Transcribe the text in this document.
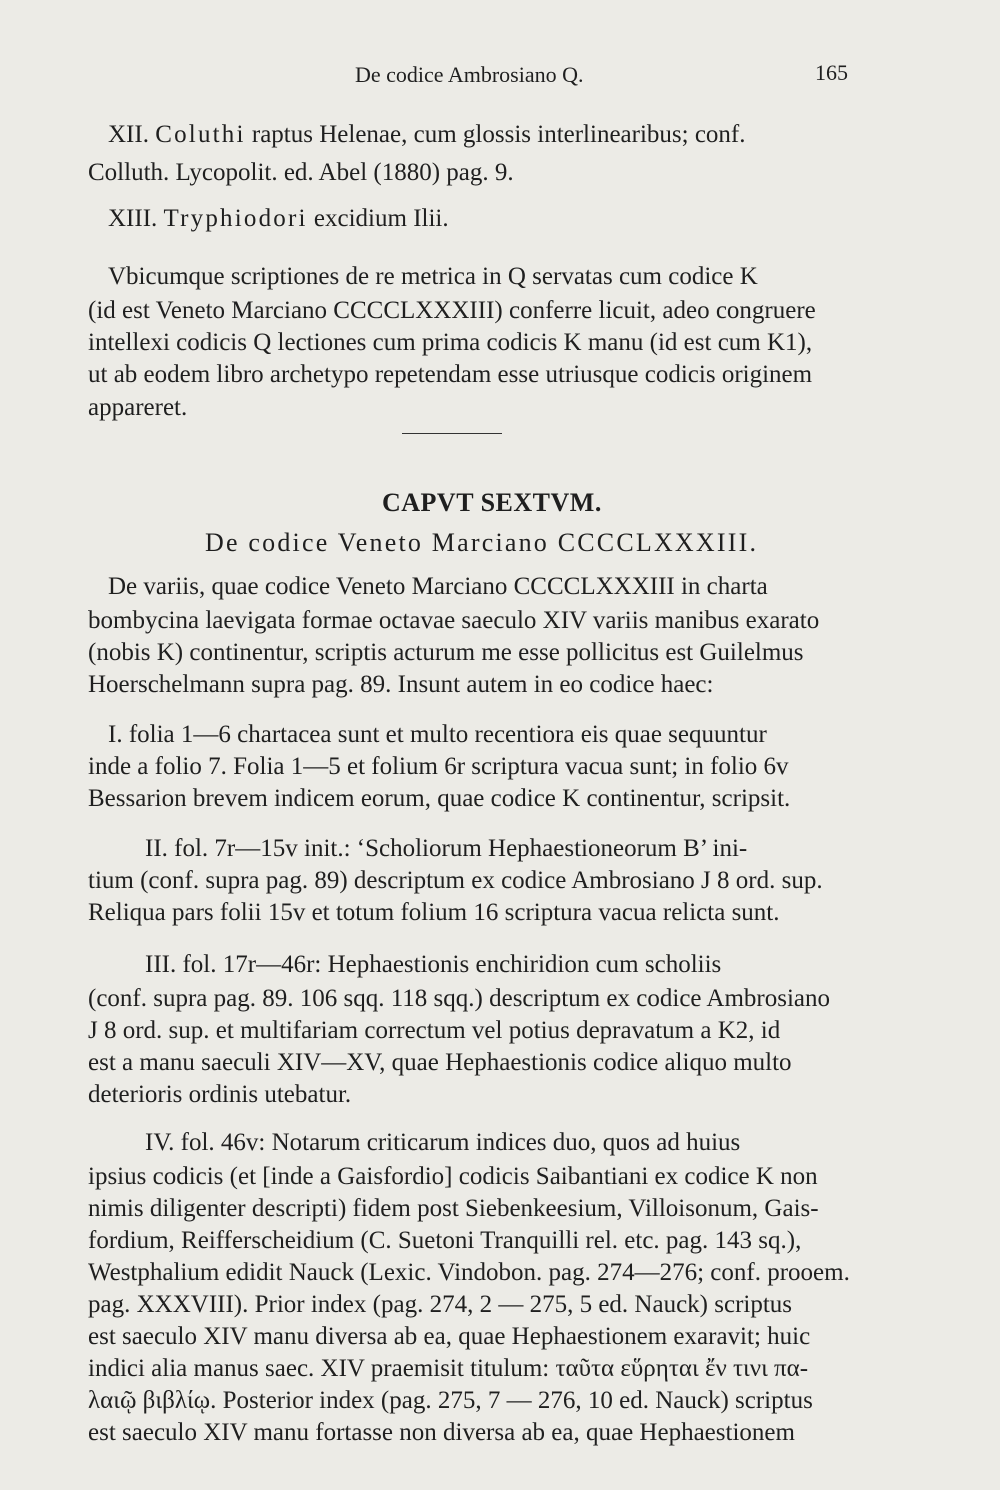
De codice Ambrosiano Q.	165
XII. Coluthi raptus Helenae, cum glossis interlinearibus; conf.
Colluth. Lycopolit. ed. Abel (1880) pag. 9.
XIII. Tryphiodori excidium Ilii.
Vbicumque scriptiones de re metrica in Q servatas cum codice K
(id est Veneto Marciano CCCCLXXXIII) conferre licuit, adeo congruere
intellexi codicis Q lectiones cum prima codicis K manu (id est cum K1),
ut ab eodem libro archetypo repetendam esse utriusque codicis originem
appareret.
CAPVT SEXTVM.
De codice Veneto Marciano CCCCLXXXIII.
De variis, quae codice Veneto Marciano CCCCLXXXIII in charta
bombycina laevigata formae octavae saeculo XIV variis manibus exarato
(nobis K) continentur, scriptis acturum me esse pollicitus est Guilelmus
Hoerschelmann supra pag. 89. Insunt autem in eo codice haec:
I. folia 1—6 chartacea sunt et multo recentiora eis quae sequuntur
inde a folio 7. Folia 1—5 et folium 6r scriptura vacua sunt; in folio 6v
Bessarion brevem indicem eorum, quae codice K continentur, scripsit.
II. fol. 7r—15v init.: ‘Scholiorum Hephaestioneorum B’ ini-
tium (conf. supra pag. 89) descriptum ex codice Ambrosiano J 8 ord. sup.
Reliqua pars folii 15v et totum folium 16 scriptura vacua relicta sunt.
III. fol. 17r—46r: Hephaestionis enchiridion cum scholiis
(conf. supra pag. 89. 106 sqq. 118 sqq.) descriptum ex codice Ambrosiano
J 8 ord. sup. et multifariam correctum vel potius depravatum a K2, id
est a manu saeculi XIV—XV, quae Hephaestionis codice aliquo multo
deterioris ordinis utebatur.
IV. fol. 46v: Notarum criticarum indices duo, quos ad huius
ipsius codicis (et [inde a Gaisfordio] codicis Saibantiani ex codice K non
nimis diligenter descripti) fidem post Siebenkeesium, Villoisonum, Gais-
fordium, Reifferscheidium (C. Suetoni Tranquilli rel. etc. pag. 143 sq.),
Westphalium edidit Nauck (Lexic. Vindobon. pag. 274—276; conf. prooem.
pag. XXXVIII). Prior index (pag. 274, 2 — 275, 5 ed. Nauck) scriptus
est saeculo XIV manu diversa ab ea, quae Hephaestionem exaravit; huic
indici alia manus saec. XIV praemisit titulum: ταῦτα εὕρηται ἔν τινι πα-
λαιῷ βιβλίῳ. Posterior index (pag. 275, 7 — 276, 10 ed. Nauck) scriptus
est saeculo XIV manu fortasse non diversa ab ea, quae Hephaestionem
